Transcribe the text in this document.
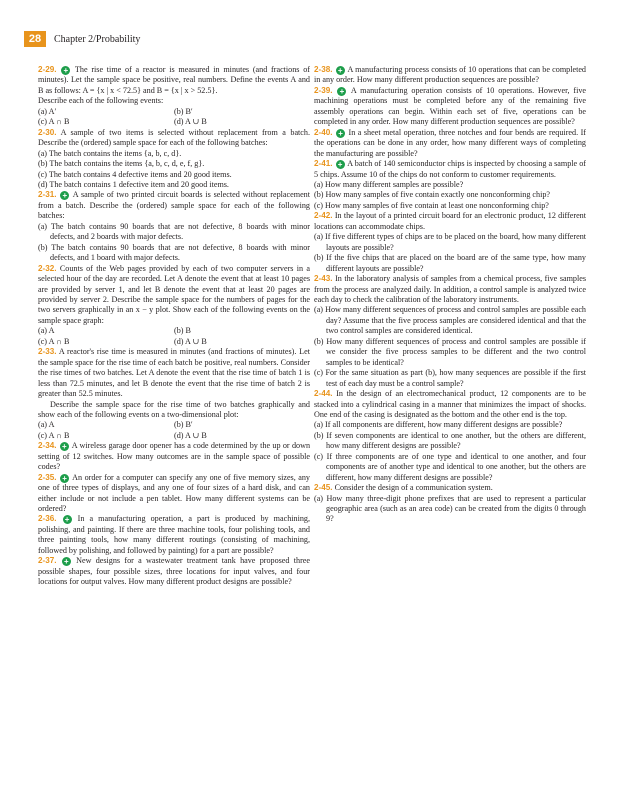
28	Chapter 2/Probability
2-29. + The rise time of a reactor is measured in minutes (and fractions of minutes). Let the sample space be positive, real numbers. Define the events A and B as follows: A = {x | x < 72.5} and B = {x | x > 52.5}.
Describe each of the following events:
(a) A′	(b) B′
(c) A ∩ B	(d) A ∪ B
2-30. A sample of two items is selected without replacement from a batch. Describe the (ordered) sample space for each of the following batches:
(a) The batch contains the items {a, b, c, d}.
(b) The batch contains the items {a, b, c, d, e, f, g}.
(c) The batch contains 4 defective items and 20 good items.
(d) The batch contains 1 defective item and 20 good items.
2-31. + A sample of two printed circuit boards is selected without replacement from a batch. Describe the (ordered) sample space for each of the following batches:
(a) The batch contains 90 boards that are not defective, 8 boards with minor defects, and 2 boards with major defects.
(b) The batch contains 90 boards that are not defective, 8 boards with minor defects, and 1 board with major defects.
2-32. Counts of the Web pages provided by each of two computer servers in a selected hour of the day are recorded. Let A denote the event that at least 10 pages are provided by server 1, and let B denote the event that at least 20 pages are provided by server 2. Describe the sample space for the numbers of pages for the two servers graphically in an x − y plot. Show each of the following events on the sample space graph:
(a) A	(b) B
(c) A ∩ B	(d) A ∪ B
2-33. A reactor's rise time is measured in minutes (and fractions of minutes). Let the sample space for the rise time of each batch be positive, real numbers. Consider the rise times of two batches. Let A denote the event that the rise time of batch 1 is less than 72.5 minutes, and let B denote the event that the rise time of batch 2 is greater than 52.5 minutes.
Describe the sample space for the rise time of two batches graphically and show each of the following events on a two-dimensional plot:
(a) A	(b) B′
(c) A ∩ B	(d) A ∪ B
2-34. + A wireless garage door opener has a code determined by the up or down setting of 12 switches. How many outcomes are in the sample space of possible codes?
2-35. + An order for a computer can specify any one of five memory sizes, any one of three types of displays, and any one of four sizes of a hard disk, and can either include or not include a pen tablet. How many different systems can be ordered?
2-36. + In a manufacturing operation, a part is produced by machining, polishing, and painting. If there are three machine tools, four polishing tools, and three painting tools, how many different routings (consisting of machining, followed by polishing, and followed by painting) for a part are possible?
2-37. + New designs for a wastewater treatment tank have proposed three possible shapes, four possible sizes, three locations for input valves, and four locations for output valves. How many different product designs are possible?
2-38. + A manufacturing process consists of 10 operations that can be completed in any order. How many different production sequences are possible?
2-39. + A manufacturing operation consists of 10 operations. However, five machining operations must be completed before any of the remaining five assembly operations can begin. Within each set of five, operations can be completed in any order. How many different production sequences are possible?
2-40. + In a sheet metal operation, three notches and four bends are required. If the operations can be done in any order, how many different ways of completing the manufacturing are possible?
2-41. + A batch of 140 semiconductor chips is inspected by choosing a sample of 5 chips. Assume 10 of the chips do not conform to customer requirements.
(a) How many different samples are possible?
(b) How many samples of five contain exactly one nonconforming chip?
(c) How many samples of five contain at least one nonconforming chip?
2-42. In the layout of a printed circuit board for an electronic product, 12 different locations can accommodate chips.
(a) If five different types of chips are to be placed on the board, how many different layouts are possible?
(b) If the five chips that are placed on the board are of the same type, how many different layouts are possible?
2-43. In the laboratory analysis of samples from a chemical process, five samples from the process are analyzed daily. In addition, a control sample is analyzed twice each day to check the calibration of the laboratory instruments.
(a) How many different sequences of process and control samples are possible each day? Assume that the five process samples are considered identical and that the two control samples are considered identical.
(b) How many different sequences of process and control samples are possible if we consider the five process samples to be different and the two control samples to be identical?
(c) For the same situation as part (b), how many sequences are possible if the first test of each day must be a control sample?
2-44. In the design of an electromechanical product, 12 components are to be stacked into a cylindrical casing in a manner that minimizes the impact of shocks. One end of the casing is designated as the bottom and the other end is the top.
(a) If all components are different, how many different designs are possible?
(b) If seven components are identical to one another, but the others are different, how many different designs are possible?
(c) If three components are of one type and identical to one another, and four components are of another type and identical to one another, but the others are different, how many different designs are possible?
2-45. Consider the design of a communication system.
(a) How many three-digit phone prefixes that are used to represent a particular geographic area (such as an area code) can be created from the digits 0 through 9?
